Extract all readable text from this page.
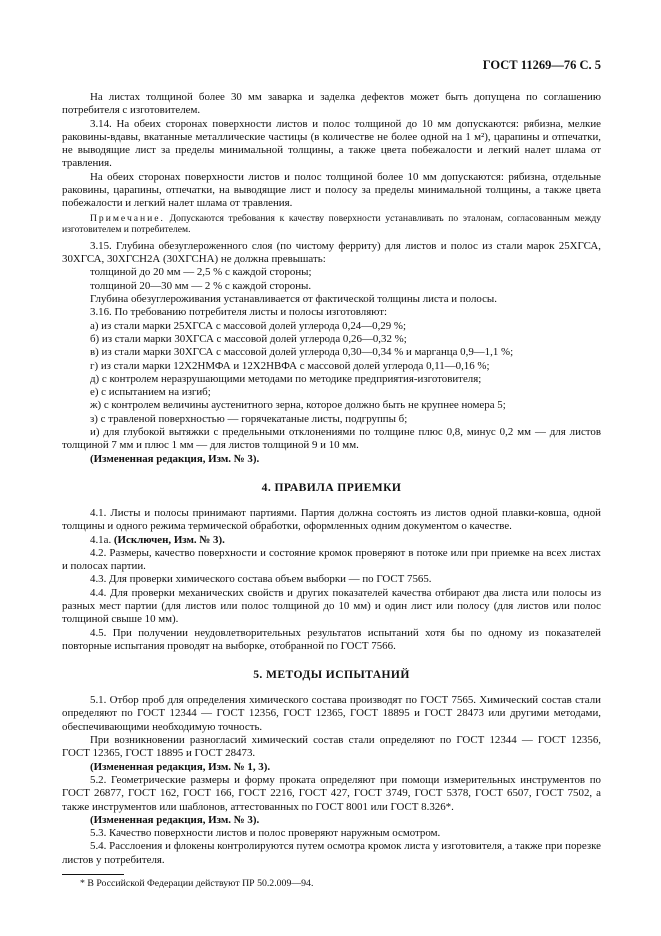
ГОСТ 11269—76 С. 5
На листах толщиной более 30 мм заварка и заделка дефектов может быть допущена по соглашению потребителя с изготовителем.
3.14. На обеих сторонах поверхности листов и полос толщиной до 10 мм допускаются: рябизна, мелкие раковины-вдавы, вкатанные металлические частицы (в количестве не более одной на 1 м²), царапины и отпечатки, не выводящие лист за пределы минимальной толщины, а также цвета побежалости и легкий налет шлама от травления.
На обеих сторонах поверхности листов и полос толщиной более 10 мм допускаются: рябизна, отдельные раковины, царапины, отпечатки, на выводящие лист и полосу за пределы минимальной толщины, а также цвета побежалости и легкий налет шлама от травления.
Примечание. Допускаются требования к качеству поверхности устанавливать по эталонам, согласованным между изготовителем и потребителем.
3.15. Глубина обезуглероженного слоя (по чистому ферриту) для листов и полос из стали марок 25ХГСА, 30ХГСА, 30ХГСН2А (30ХГСНА) не должна превышать:
толщиной до 20 мм — 2,5 % с каждой стороны;
толщиной 20—30 мм — 2 % с каждой стороны.
Глубина обезуглероживания устанавливается от фактической толщины листа и полосы.
3.16. По требованию потребителя листы и полосы изготовляют:
а) из стали марки 25ХГСА с массовой долей углерода 0,24—0,29 %;
б) из стали марки 30ХГСА с массовой долей углерода 0,26—0,32 %;
в) из стали марки 30ХГСА с массовой долей углерода 0,30—0,34 % и марганца 0,9—1,1 %;
г) из стали марки 12Х2НМФА и 12Х2НВФА с массовой долей углерода 0,11—0,16 %;
д) с контролем неразрушающими методами по методике предприятия-изготовителя;
е) с испытанием на изгиб;
ж) с контролем величины аустенитного зерна, которое должно быть не крупнее номера 5;
з) с травленой поверхностью — горячекатаные листы, подгруппы б;
и) для глубокой вытяжки с предельными отклонениями по толщине плюс 0,8, минус 0,2 мм — для листов толщиной 7 мм и плюс 1 мм — для листов толщиной 9 и 10 мм.
(Измененная редакция, Изм. № 3).
4. ПРАВИЛА ПРИЕМКИ
4.1. Листы и полосы принимают партиями. Партия должна состоять из листов одной плавки-ковша, одной толщины и одного режима термической обработки, оформленных одним документом о качестве.
4.1а. (Исключен, Изм. № 3).
4.2. Размеры, качество поверхности и состояние кромок проверяют в потоке или при приемке на всех листах и полосах партии.
4.3. Для проверки химического состава объем выборки — по ГОСТ 7565.
4.4. Для проверки механических свойств и других показателей качества отбирают два листа или полосы из разных мест партии (для листов или полос толщиной до 10 мм) и один лист или полосу (для листов или полос толщиной свыше 10 мм).
4.5. При получении неудовлетворительных результатов испытаний хотя бы по одному из показателей повторные испытания проводят на выборке, отобранной по ГОСТ 7566.
5. МЕТОДЫ ИСПЫТАНИЙ
5.1. Отбор проб для определения химического состава производят по ГОСТ 7565. Химический состав стали определяют по ГОСТ 12344 — ГОСТ 12356, ГОСТ 12365, ГОСТ 18895 и ГОСТ 28473 или другими методами, обеспечивающими необходимую точность.
При возникновении разногласий химический состав стали определяют по ГОСТ 12344 — ГОСТ 12356, ГОСТ 12365, ГОСТ 18895 и ГОСТ 28473.
(Измененная редакция, Изм. № 1, 3).
5.2. Геометрические размеры и форму проката определяют при помощи измерительных инструментов по ГОСТ 26877, ГОСТ 162, ГОСТ 166, ГОСТ 2216, ГОСТ 427, ГОСТ 3749, ГОСТ 5378, ГОСТ 6507, ГОСТ 7502, а также инструментов или шаблонов, аттестованных по ГОСТ 8001 или ГОСТ 8.326*.
(Измененная редакция, Изм. № 3).
5.3. Качество поверхности листов и полос проверяют наружным осмотром.
5.4. Расслоения и флокены контролируются путем осмотра кромок листа у изготовителя, а также при порезке листов у потребителя.
* В Российской Федерации действуют ПР 50.2.009—94.
